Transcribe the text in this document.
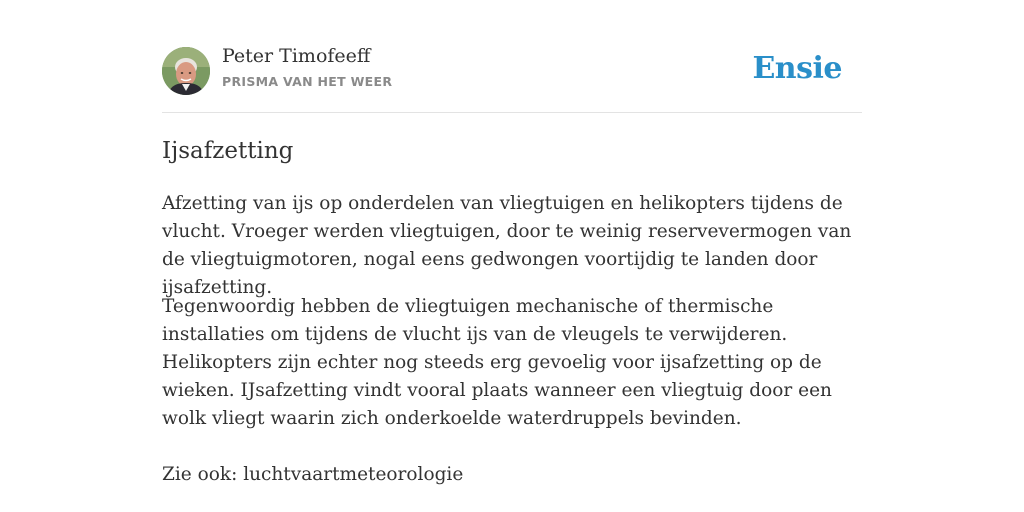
Peter Timofeeff
PRISMA VAN HET WEER	Ensie
Ijsafzetting

Afzetting van ijs op onderdelen van vliegtuigen en helikopters tijdens de vlucht. Vroeger werden vliegtuigen, door te weinig reservevermogen van de vliegtuigmotoren, nogal eens gedwongen voortijdig te landen door ijsafzetting.

Tegenwoordig hebben de vliegtuigen mechanische of thermische installaties om tijdens de vlucht ijs van de vleugels te verwijderen. Helikopters zijn echter nog steeds erg gevoelig voor ijsafzetting op de wieken. IJsafzetting vindt vooral plaats wanneer een vliegtuig door een wolk vliegt waarin zich onderkoelde waterdruppels bevinden.

Zie ook: luchtvaartmeteorologie
